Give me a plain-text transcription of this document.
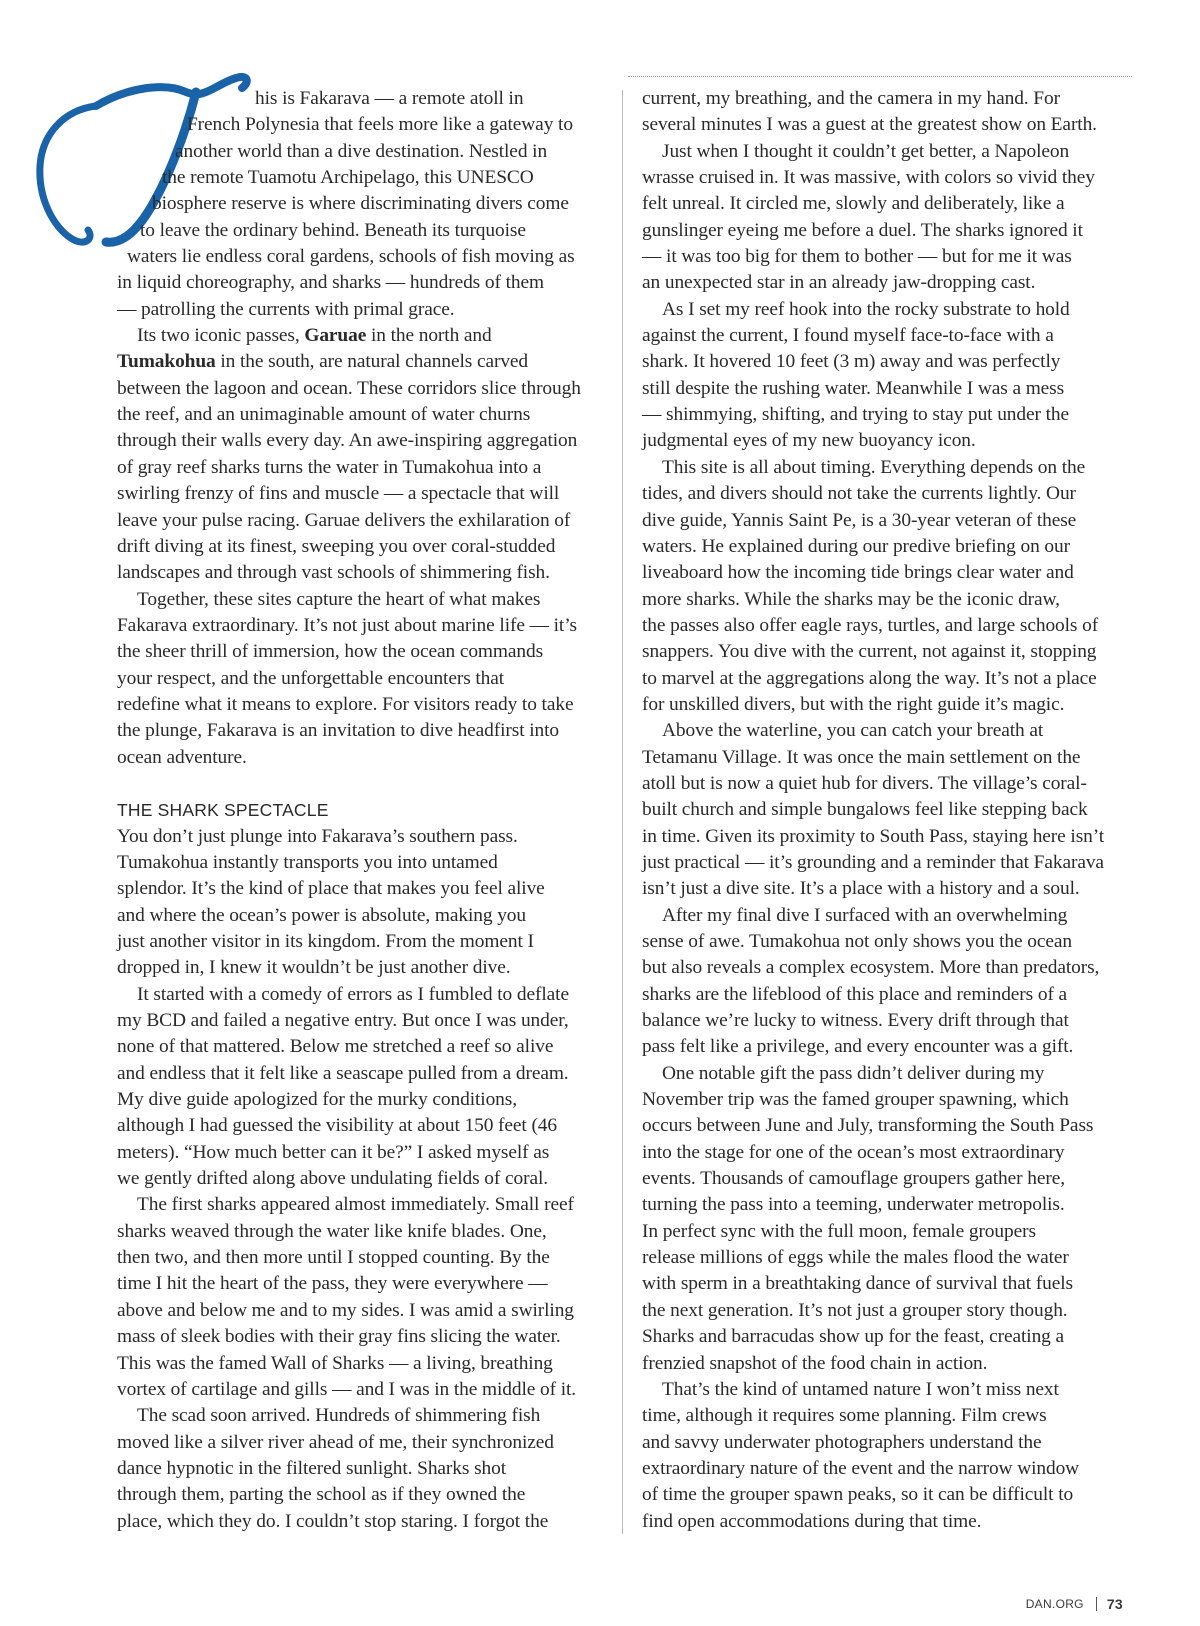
his is Fakarava — a remote atoll in
French Polynesia that feels more like a gateway to
another world than a dive destination. Nestled in
the remote Tuamotu Archipelago, this UNESCO
biosphere reserve is where discriminating divers come
to leave the ordinary behind. Beneath its turquoise
waters lie endless coral gardens, schools of fish moving as
in liquid choreography, and sharks — hundreds of them
— patrolling the currents with primal grace.
Its two iconic passes, Garuae in the north and
Tumakohua in the south, are natural channels carved
between the lagoon and ocean. These corridors slice through
the reef, and an unimaginable amount of water churns
through their walls every day. An awe-inspiring aggregation
of gray reef sharks turns the water in Tumakohua into a
swirling frenzy of fins and muscle — a spectacle that will
leave your pulse racing. Garuae delivers the exhilaration of
drift diving at its finest, sweeping you over coral-studded
landscapes and through vast schools of shimmering fish.
Together, these sites capture the heart of what makes
Fakarava extraordinary. It’s not just about marine life — it’s
the sheer thrill of immersion, how the ocean commands
your respect, and the unforgettable encounters that
redefine what it means to explore. For visitors ready to take
the plunge, Fakarava is an invitation to dive headfirst into
ocean adventure.
THE SHARK SPECTACLE
You don’t just plunge into Fakarava’s southern pass.
Tumakohua instantly transports you into untamed
splendor. It’s the kind of place that makes you feel alive
and where the ocean’s power is absolute, making you
just another visitor in its kingdom. From the moment I
dropped in, I knew it wouldn’t be just another dive.
It started with a comedy of errors as I fumbled to deflate
my BCD and failed a negative entry. But once I was under,
none of that mattered. Below me stretched a reef so alive
and endless that it felt like a seascape pulled from a dream.
My dive guide apologized for the murky conditions,
although I had guessed the visibility at about 150 feet (46
meters). “How much better can it be?” I asked myself as
we gently drifted along above undulating fields of coral.
The first sharks appeared almost immediately. Small reef
sharks weaved through the water like knife blades. One,
then two, and then more until I stopped counting. By the
time I hit the heart of the pass, they were everywhere —
above and below me and to my sides. I was amid a swirling
mass of sleek bodies with their gray fins slicing the water.
This was the famed Wall of Sharks — a living, breathing
vortex of cartilage and gills — and I was in the middle of it.
The scad soon arrived. Hundreds of shimmering fish
moved like a silver river ahead of me, their synchronized
dance hypnotic in the filtered sunlight. Sharks shot
through them, parting the school as if they owned the
place, which they do. I couldn’t stop staring. I forgot the
current, my breathing, and the camera in my hand. For
several minutes I was a guest at the greatest show on Earth.
Just when I thought it couldn’t get better, a Napoleon
wrasse cruised in. It was massive, with colors so vivid they
felt unreal. It circled me, slowly and deliberately, like a
gunslinger eyeing me before a duel. The sharks ignored it
— it was too big for them to bother — but for me it was
an unexpected star in an already jaw-dropping cast.
As I set my reef hook into the rocky substrate to hold
against the current, I found myself face-to-face with a
shark. It hovered 10 feet (3 m) away and was perfectly
still despite the rushing water. Meanwhile I was a mess
— shimmying, shifting, and trying to stay put under the
judgmental eyes of my new buoyancy icon.
This site is all about timing. Everything depends on the
tides, and divers should not take the currents lightly. Our
dive guide, Yannis Saint Pe, is a 30-year veteran of these
waters. He explained during our predive briefing on our
liveaboard how the incoming tide brings clear water and
more sharks. While the sharks may be the iconic draw,
the passes also offer eagle rays, turtles, and large schools of
snappers. You dive with the current, not against it, stopping
to marvel at the aggregations along the way. It’s not a place
for unskilled divers, but with the right guide it’s magic.
Above the waterline, you can catch your breath at
Tetamanu Village. It was once the main settlement on the
atoll but is now a quiet hub for divers. The village’s coral-
built church and simple bungalows feel like stepping back
in time. Given its proximity to South Pass, staying here isn’t
just practical — it’s grounding and a reminder that Fakarava
isn’t just a dive site. It’s a place with a history and a soul.
After my final dive I surfaced with an overwhelming
sense of awe. Tumakohua not only shows you the ocean
but also reveals a complex ecosystem. More than predators,
sharks are the lifeblood of this place and reminders of a
balance we’re lucky to witness. Every drift through that
pass felt like a privilege, and every encounter was a gift.
One notable gift the pass didn’t deliver during my
November trip was the famed grouper spawning, which
occurs between June and July, transforming the South Pass
into the stage for one of the ocean’s most extraordinary
events. Thousands of camouflage groupers gather here,
turning the pass into a teeming, underwater metropolis.
In perfect sync with the full moon, female groupers
release millions of eggs while the males flood the water
with sperm in a breathtaking dance of survival that fuels
the next generation. It’s not just a grouper story though.
Sharks and barracudas show up for the feast, creating a
frenzied snapshot of the food chain in action.
That’s the kind of untamed nature I won’t miss next
time, although it requires some planning. Film crews
and savvy underwater photographers understand the
extraordinary nature of the event and the narrow window
of time the grouper spawn peaks, so it can be difficult to
find open accommodations during that time.
DAN.ORG 73
